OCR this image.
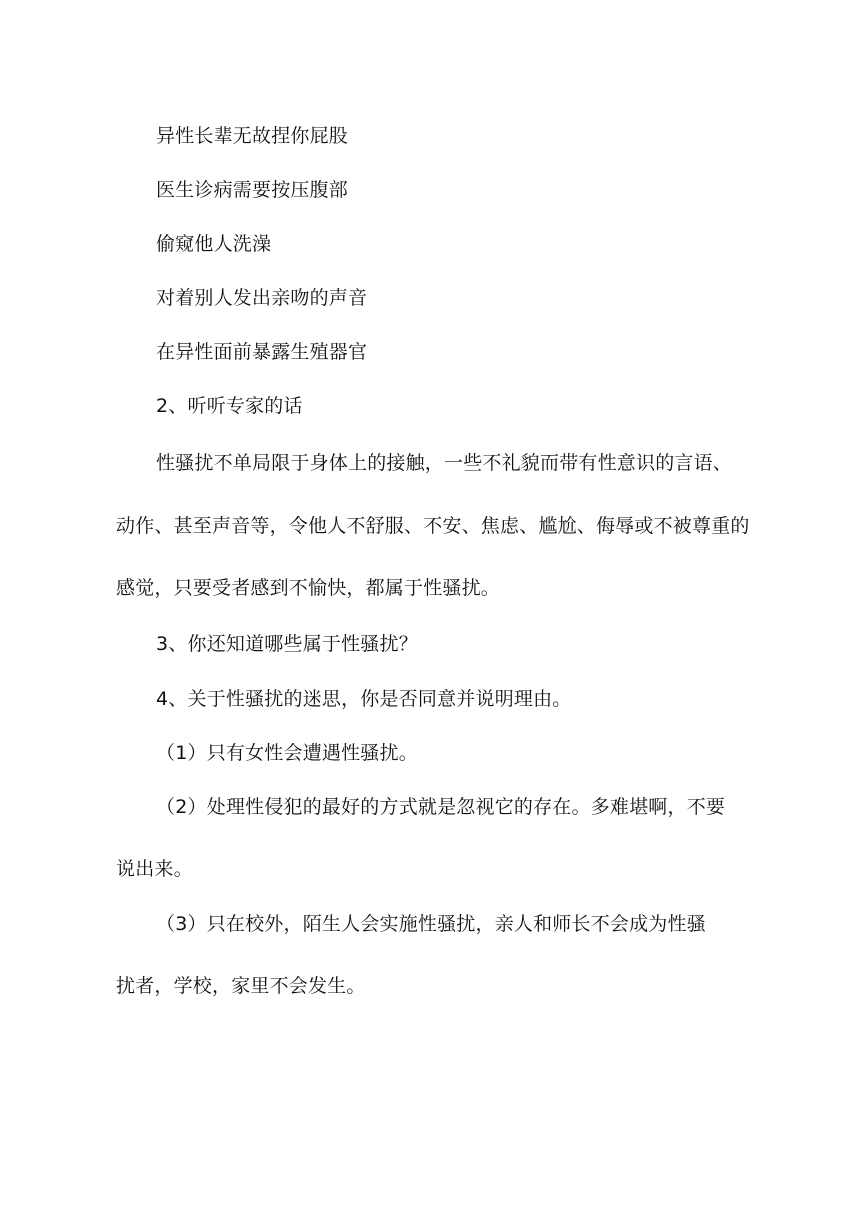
异性长辈无故捏你屁股
医生诊病需要按压腹部
偷窥他人洗澡
对着别人发出亲吻的声音
在异性面前暴露生殖器官
2、听听专家的话
性骚扰不单局限于身体上的接触，一些不礼貌而带有性意识的言语、
动作、甚至声音等，令他人不舒服、不安、焦虑、尴尬、侮辱或不被尊重的
感觉，只要受者感到不愉快，都属于性骚扰。
3、你还知道哪些属于性骚扰？
4、关于性骚扰的迷思，你是否同意并说明理由。
（1）只有女性会遭遇性骚扰。
（2）处理性侵犯的最好的方式就是忽视它的存在。多难堪啊，不要
说出来。
（3）只在校外，陌生人会实施性骚扰，亲人和师长不会成为性骚
扰者，学校，家里不会发生。
